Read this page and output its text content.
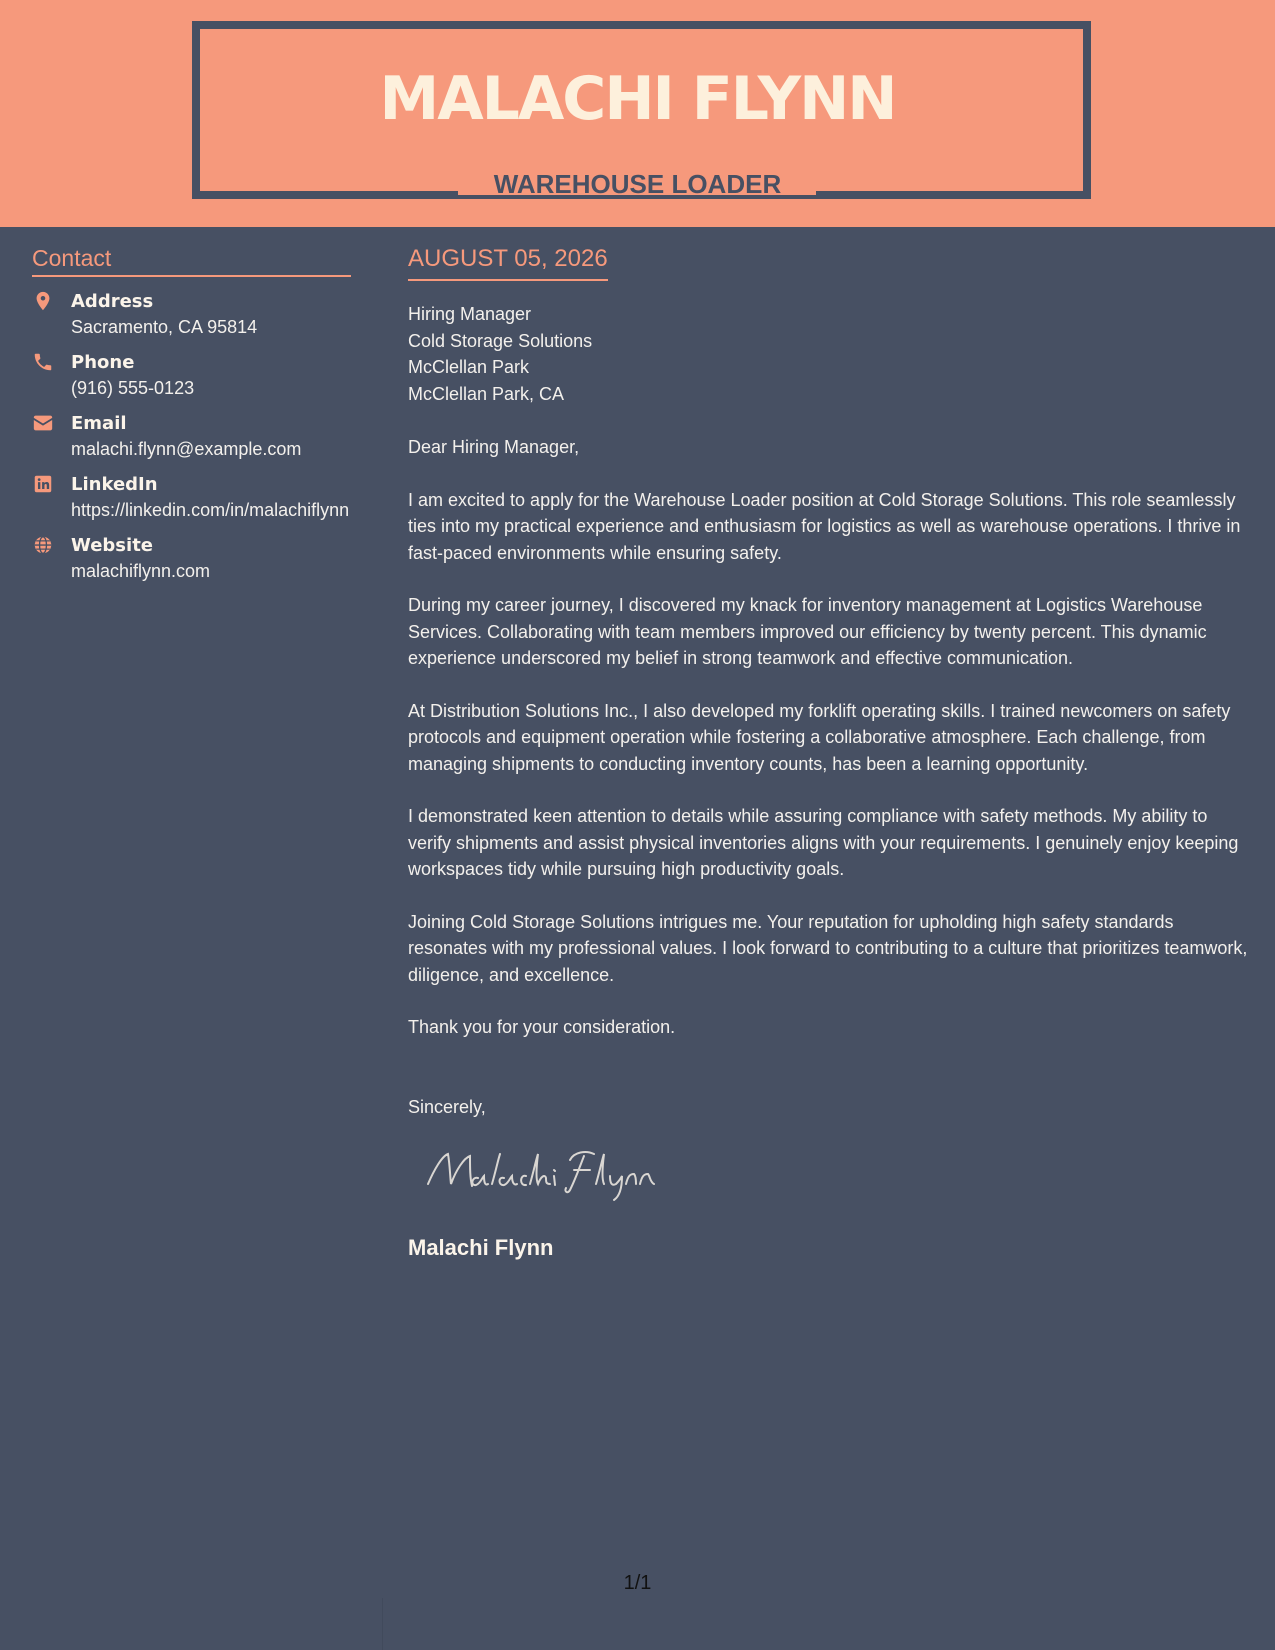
MALACHI FLYNN
WAREHOUSE LOADER
Contact
Address
Sacramento, CA 95814
Phone
(916) 555-0123
Email
malachi.flynn@example.com
LinkedIn
https://linkedin.com/in/malachiflynn
Website
malachiflynn.com
AUGUST 05, 2026
Hiring Manager
Cold Storage Solutions
McClellan Park
McClellan Park, CA
Dear Hiring Manager,
I am excited to apply for the Warehouse Loader position at Cold Storage Solutions. This role seamlessly ties into my practical experience and enthusiasm for logistics as well as warehouse operations. I thrive in fast-paced environments while ensuring safety.
During my career journey, I discovered my knack for inventory management at Logistics Warehouse Services. Collaborating with team members improved our efficiency by twenty percent. This dynamic experience underscored my belief in strong teamwork and effective communication.
At Distribution Solutions Inc., I also developed my forklift operating skills. I trained newcomers on safety protocols and equipment operation while fostering a collaborative atmosphere. Each challenge, from managing shipments to conducting inventory counts, has been a learning opportunity.
I demonstrated keen attention to details while assuring compliance with safety methods. My ability to verify shipments and assist physical inventories aligns with your requirements. I genuinely enjoy keeping workspaces tidy while pursuing high productivity goals.
Joining Cold Storage Solutions intrigues me. Your reputation for upholding high safety standards resonates with my professional values. I look forward to contributing to a culture that prioritizes teamwork, diligence, and excellence.
Thank you for your consideration.
Sincerely,
Malachi Flynn
1/1
